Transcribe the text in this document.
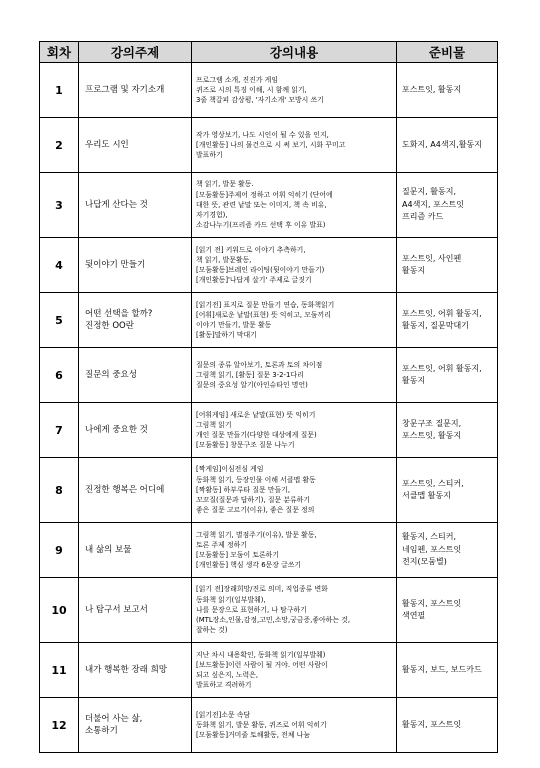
회차	강의주제	강의내용	준비물
1	프로그램 및 자기소개	프로그램 소개, 진진가 게임
퀴즈로 시의 특징 이해, 시 함께 읽기,
3줄 책갈피 감상평, '자기소개' 모방시 쓰기	포스트잇, 활동지

2	우리도 시인	작가 영상보기, 나도 시인이 될 수 있을 인지,
[개인활동] 나의 물건으로 시 써 보기, 시화 꾸미고
발표하기	도화지, A4색지,활동지

3	나답게 산다는 것	책 읽기, 발문 활동.
[모둠활동]주제어 정하고 어휘 익히기 (단어에
대한 뜻, 관련 낱말 또는 이미지, 책 속 비유,
자기경험),
소감나누기(프리즘 카드 선택 후 이유 발표)	질문지, 활동지,
A4색지, 포스트잇
프리즘 카드

4	뒷이야기 만들기	[읽기 전] 키워드로 이야기 추측하기,
책 읽기, 발문활동,
[모둠활동]브레인 라이팅(뒷이야기 만들기)
[개인활동]'나답게 살기' 주제로 글짓기	포스트잇, 사인펜
활동지

5	어떤 선택을 할까?
진정한 OO란	[읽기전] 표지로 질문 만들기 연습, 동화책읽기
[어휘]새로운 낱말(표현) 뜻 익히고, 모둠끼리
이야기 만들기, 발문 활동
[활동]말하기 막대기	포스트잇, 어휘 활동지,
활동지, 질문막대기

6	질문의 중요성	질문의 종류 알아보기, 토론과 토의 차이점
그림책 읽기, [활동] 질문 3-2-1다리
질문의 중요성 알기(아인슈타인 명언)	포스트잇, 어휘 활동지,
활동지

7	나에게 중요한 것	[어휘게임] 새로운 낱말(표현) 뜻 익히기
그림책 읽기
개인 질문 만들기(다양한 대상에게 질문)
[모둠활동] 창문구조 질문 나누기	창문구조 질문지,
포스트잇, 활동지

8	진정한 행복은 어디에	[짝게임]이심전심 게임
동화책 읽기, 등장인물 이해 서클맵 활동
[짝활동] 하부루타 질문 만들기,
꼬꼬질(질문과 답하기), 질문 분류하기
좋은 질문 고르기(이유), 좋은 질문 정의	포스트잇, 스티커,
서클맵 활동지

9	내 삶의 보물	그림책 읽기, 별점주기(이유), 발문 활동,
토론 주제 정하기
[모둠활동] 모둠이 토론하기
[개인활동] 핵심 생각 6문장 글쓰기	활동지, 스티커,
네임펜, 포스트잇
전지(모둠별)

10	나 탐구서 보고서	[읽기 전]장래희망/진로 의미, 직업종류 변화
동화책 읽기(일부발췌),
나를 문장으로 표현하기, 나 탐구하기
(MTL장소,인물,감정,고민,소망,궁금증,좋아하는 것,
잘하는 것)	활동지, 포스트잇
색연필

11	내가 행복한 장래 희망	지난 차시 내용확인, 동화책 읽기(일부발췌)
[보드활동]이런 사람이 될 거야. 어떤 사람이
되고 싶은지, 노력은,
발표하고 격려하기	활동지, 보드, 보드카드

12	더불어 사는 삶,
소통하기	[읽기전]소문 속담
동화책 읽기, 발문 활동, 퀴즈로 어휘 익히기
[모둠활동]거미줄 토해활동, 전체 나눔	활동지, 포스트잇
